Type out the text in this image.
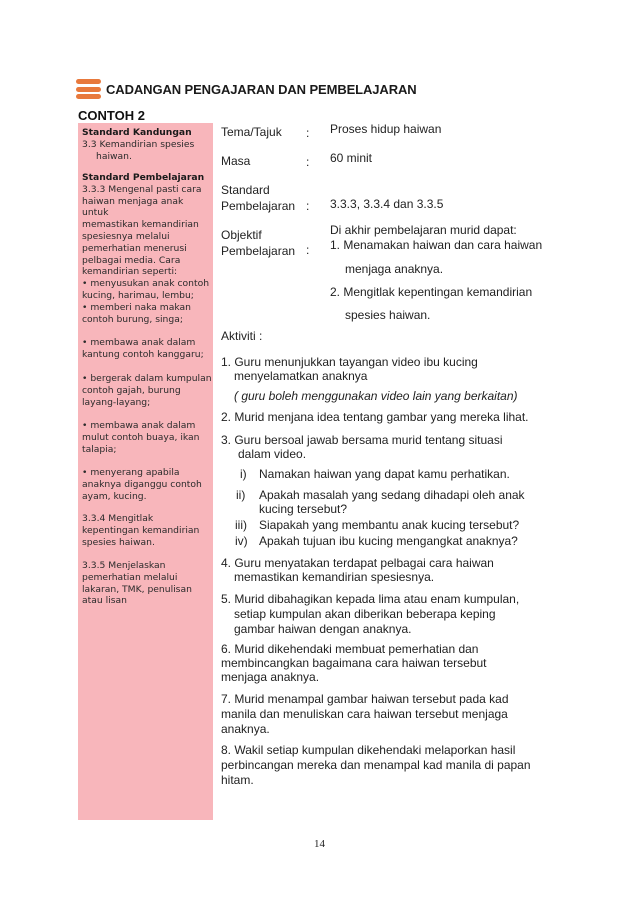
CADANGAN PENGAJARAN DAN PEMBELAJARAN
CONTOH 2
Standard Kandungan
3.3 Kemandirian spesies
haiwan.
Standard Pembelajaran
3.3.3 Mengenal pasti cara
haiwan menjaga anak untuk
memastikan kemandirian
spesiesnya melalui
pemerhatian menerusi
pelbagai media. Cara
kemandirian seperti:
• menyusukan anak contoh
kucing, harimau, lembu;
• memberi naka makan
contoh burung, singa;
• membawa anak dalam
kantung contoh kanggaru;
• bergerak dalam kumpulan
contoh gajah, burung
layang-layang;
• membawa anak dalam
mulut contoh buaya, ikan
talapia;
• menyerang apabila
anaknya diganggu contoh
ayam, kucing.
3.3.4 Mengitlak
kepentingan kemandirian
spesies haiwan.
3.3.5 Menjelaskan
pemerhatian melalui
lakaran, TMK, penulisan
atau lisan
Tema/Tajuk : Proses hidup haiwan
Masa	: 60 minit
Standard
Pembelajaran : 3.3.3, 3.3.4 dan 3.3.5
Objektif
Pembelajaran :
Di akhir pembelajaran murid dapat:
1. Menamakan haiwan dan cara haiwan
menjaga anaknya.
2. Mengitlak kepentingan kemandirian
spesies haiwan.
Aktiviti :
1. Guru menunjukkan tayangan video ibu kucing
menyelamatkan anaknya
( guru boleh menggunakan video lain yang berkaitan)
2. Murid menjana idea tentang gambar yang mereka lihat.
3. Guru bersoal jawab bersama murid tentang situasi
dalam video.
i) Namakan haiwan yang dapat kamu perhatikan.
ii) Apakah masalah yang sedang dihadapi oleh anak
kucing tersebut?
iii) Siapakah yang membantu anak kucing tersebut?
iv) Apakah tujuan ibu kucing mengangkat anaknya?
4. Guru menyatakan terdapat pelbagai cara haiwan
memastikan kemandirian spesiesnya.
5. Murid dibahagikan kepada lima atau enam kumpulan,
setiap kumpulan akan diberikan beberapa keping
gambar haiwan dengan anaknya.
6. Murid dikehendaki membuat pemerhatian dan
membincangkan bagaimana cara haiwan tersebut
menjaga anaknya.
7. Murid menampal gambar haiwan tersebut pada kad
manila dan menuliskan cara haiwan tersebut menjaga
anaknya.
8. Wakil setiap kumpulan dikehendaki melaporkan hasil
perbincangan mereka dan menampal kad manila di papan
hitam.
14
